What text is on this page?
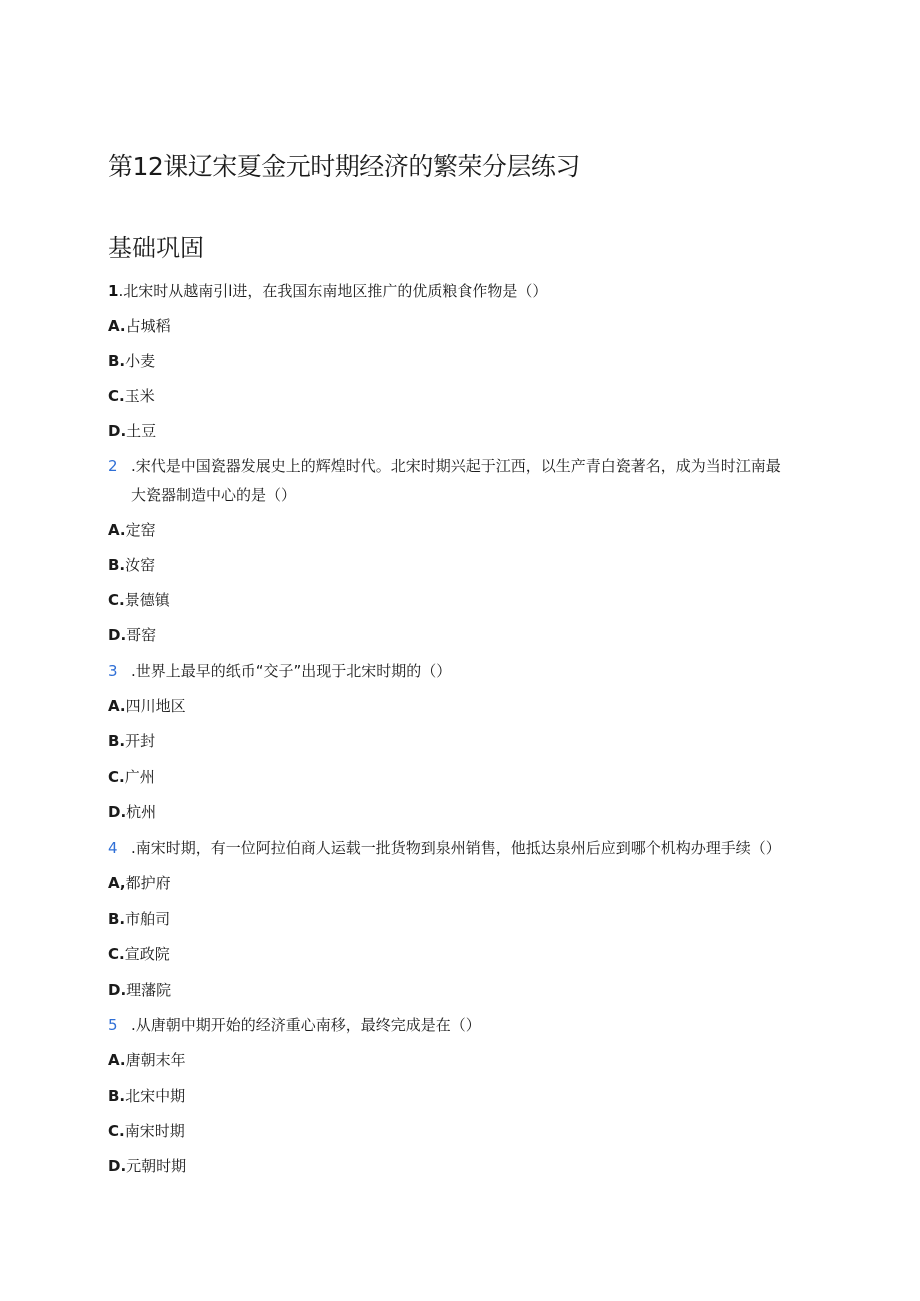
第12课辽宋夏金元时期经济的繁荣分层练习
基础巩固
1.北宋时从越南引l进，在我国东南地区推广的优质粮食作物是（）
A.占城稻
B.小麦
C.玉米
D.土豆
2 .宋代是中国瓷器发展史上的辉煌时代。北宋时期兴起于江西，以生产青白瓷著名，成为当时江南最
大瓷器制造中心的是（）
A.定窑
B.汝窑
C.景德镇
D.哥窑
3 .世界上最早的纸币“交子”出现于北宋时期的（）
A.四川地区
B.开封
C.广州
D.杭州
4 .南宋时期，有一位阿拉伯商人运载一批货物到泉州销售，他抵达泉州后应到哪个机构办理手续（）
A,都护府
B.市舶司
C.宣政院
D.理藩院
5 .从唐朝中期开始的经济重心南移，最终完成是在（）
A.唐朝末年
B.北宋中期
C.南宋时期
D.元朝时期
